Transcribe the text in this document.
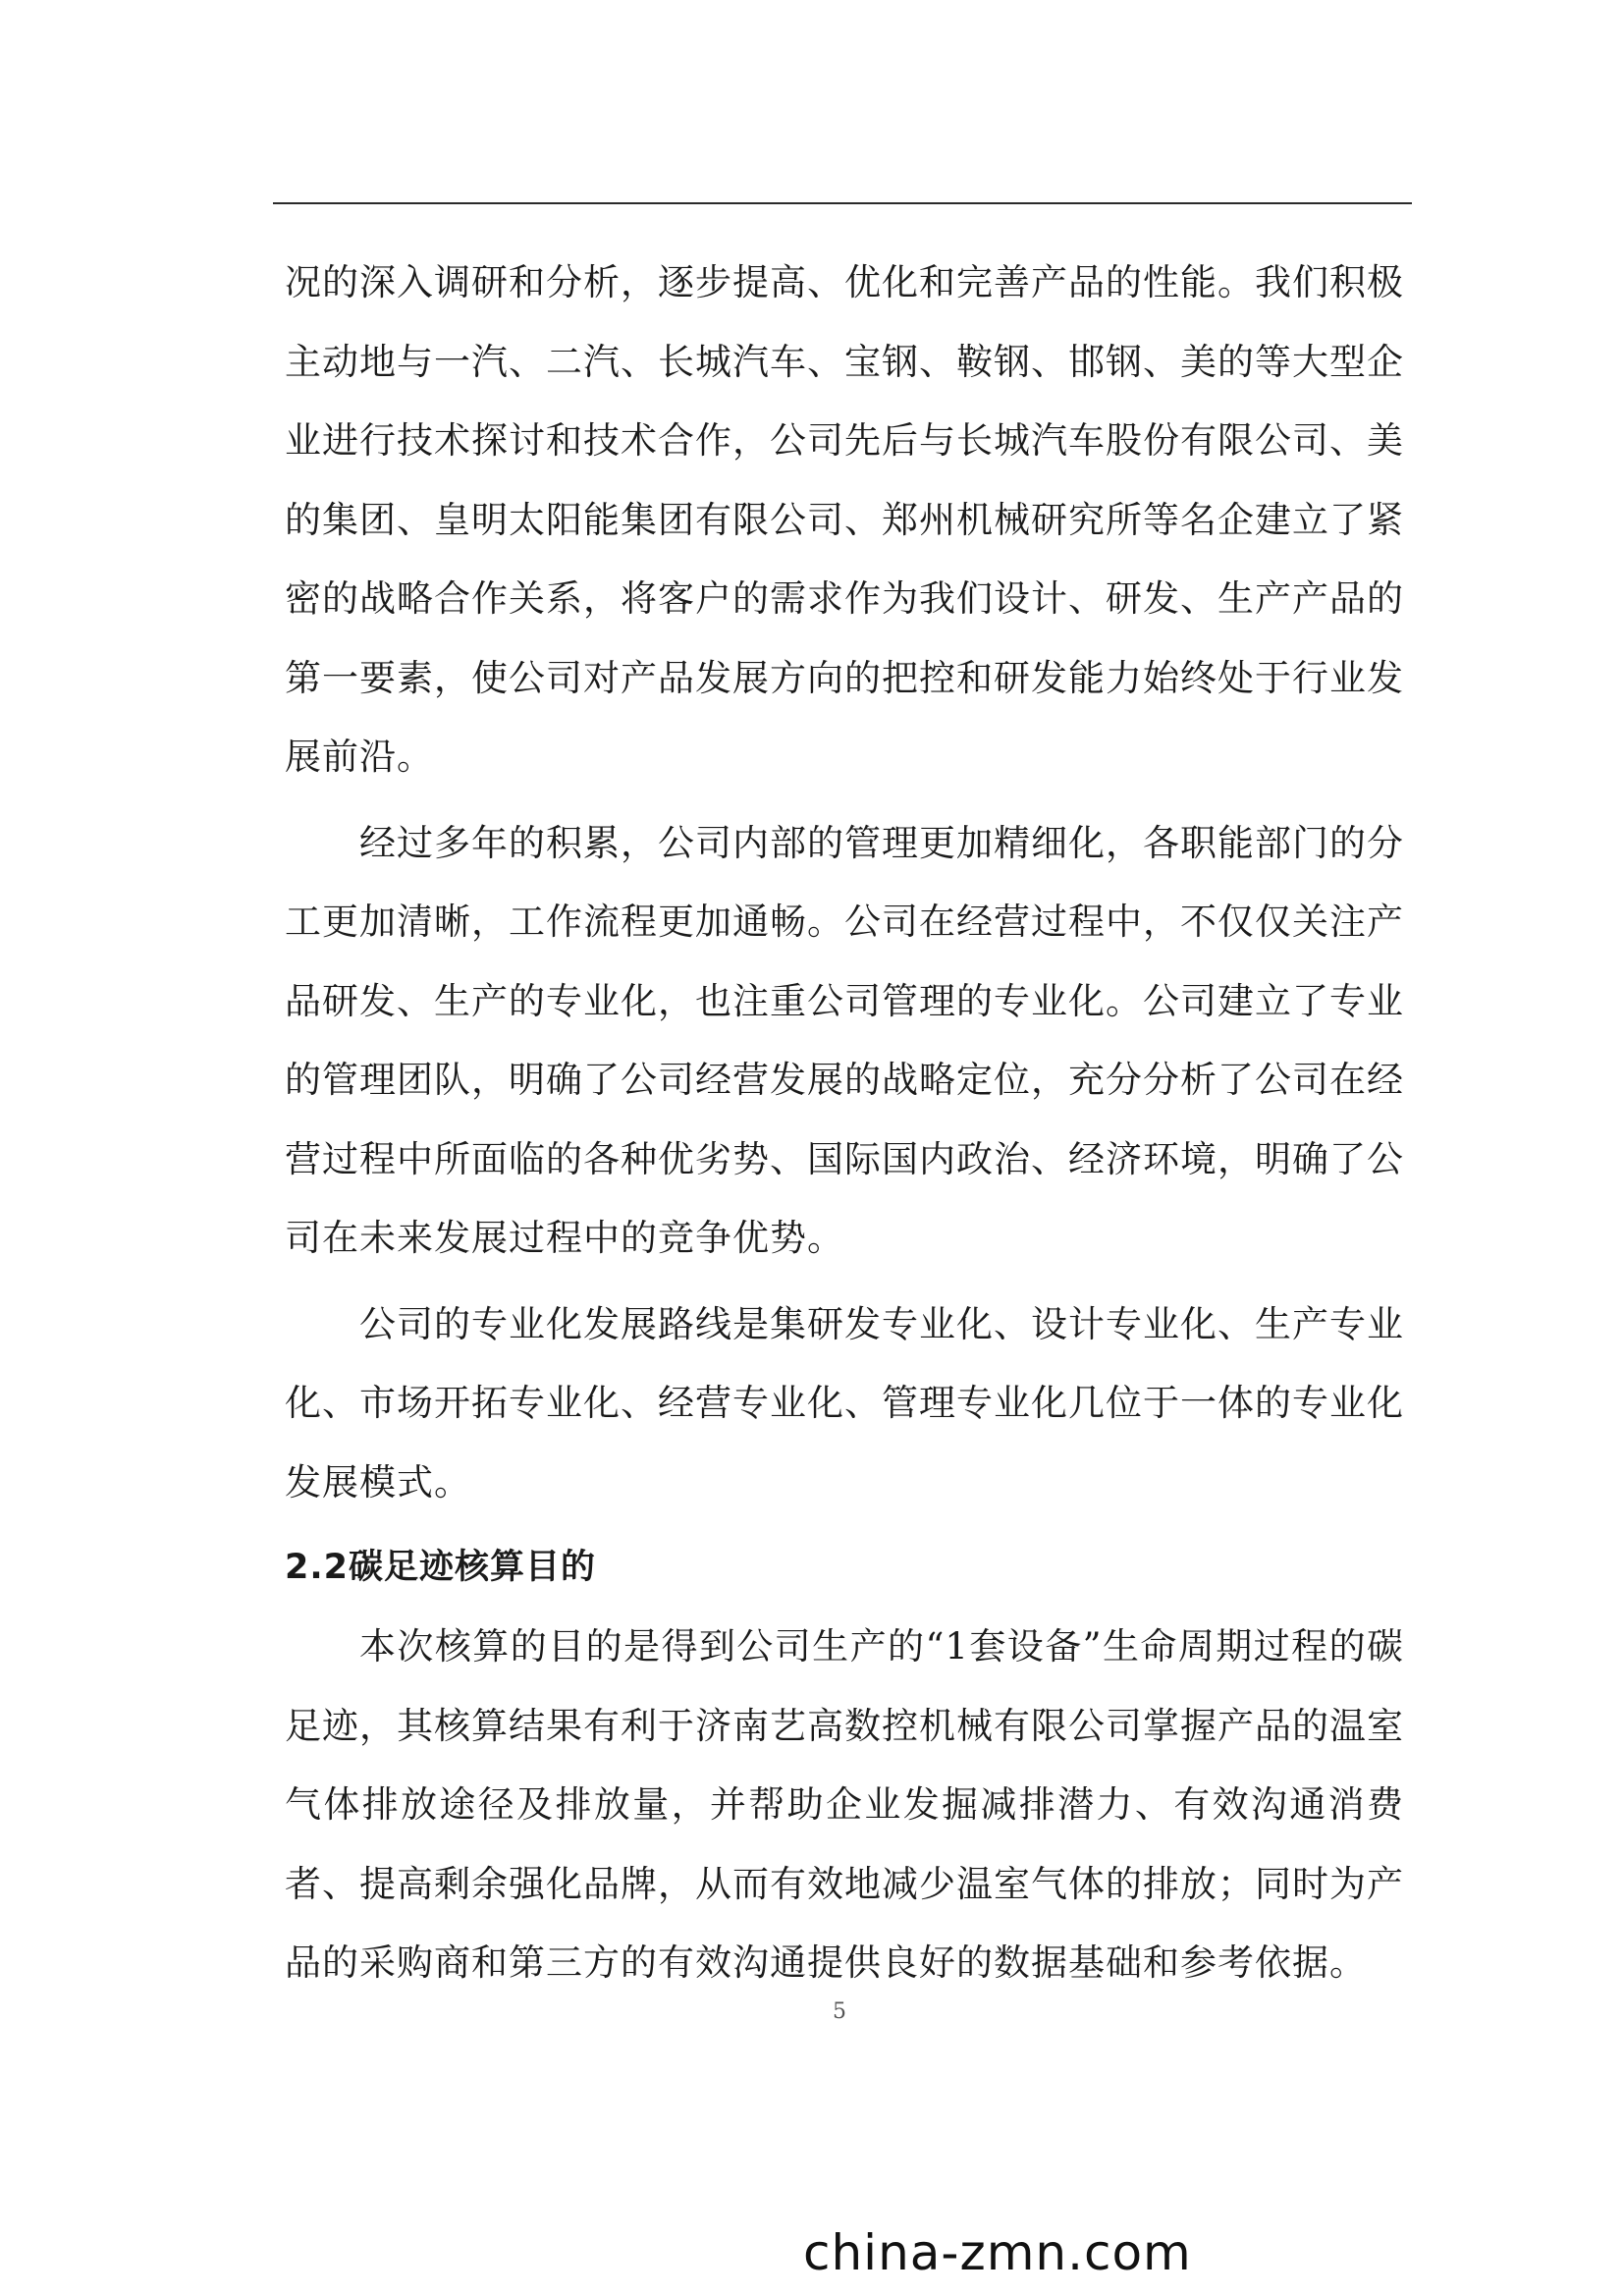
况的深入调研和分析，逐步提高、优化和完善产品的性能。我们积极主动地与一汽、二汽、长城汽车、宝钢、鞍钢、邯钢、美的等大型企业进行技术探讨和技术合作，公司先后与长城汽车股份有限公司、美的集团、皇明太阳能集团有限公司、郑州机械研究所等名企建立了紧密的战略合作关系，将客户的需求作为我们设计、研发、生产产品的第一要素，使公司对产品发展方向的把控和研发能力始终处于行业发展前沿。

经过多年的积累，公司内部的管理更加精细化，各职能部门的分工更加清晰，工作流程更加通畅。公司在经营过程中，不仅仅关注产品研发、生产的专业化，也注重公司管理的专业化。公司建立了专业的管理团队，明确了公司经营发展的战略定位，充分分析了公司在经营过程中所面临的各种优劣势、国际国内政治、经济环境，明确了公司在未来发展过程中的竞争优势。

公司的专业化发展路线是集研发专业化、设计专业化、生产专业化、市场开拓专业化、经营专业化、管理专业化几位于一体的专业化发展模式。

2.2碳足迹核算目的

本次核算的目的是得到公司生产的“1套设备”生命周期过程的碳足迹，其核算结果有利于济南艺高数控机械有限公司掌握产品的温室气体排放途径及排放量，并帮助企业发掘减排潜力、有效沟通消费者、提高剩余强化品牌，从而有效地减少温室气体的排放；同时为产品的采购商和第三方的有效沟通提供良好的数据基础和参考依据。

5
china-zmn.com
